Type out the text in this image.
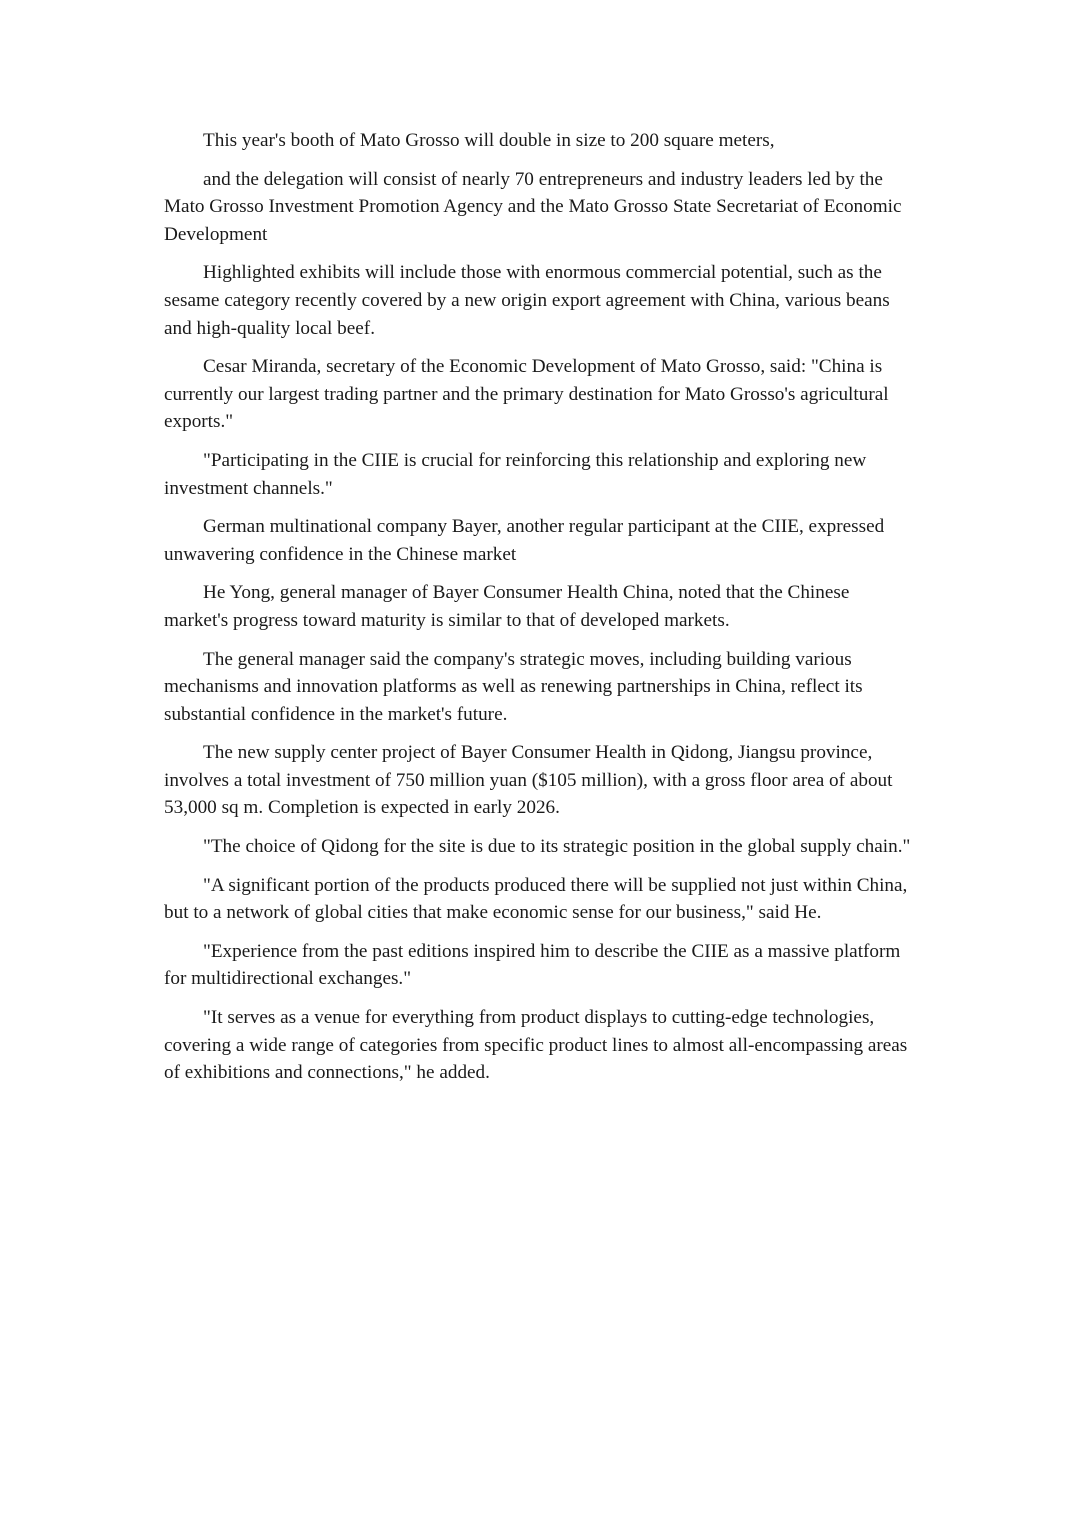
This year's booth of Mato Grosso will double in size to 200 square meters,

and the delegation will consist of nearly 70 entrepreneurs and industry leaders led by the Mato Grosso Investment Promotion Agency and the Mato Grosso State Secretariat of Economic Development

Highlighted exhibits will include those with enormous commercial potential, such as the sesame category recently covered by a new origin export agreement with China, various beans and high-quality local beef.

Cesar Miranda, secretary of the Economic Development of Mato Grosso, said: "China is currently our largest trading partner and the primary destination for Mato Grosso's agricultural exports."

"Participating in the CIIE is crucial for reinforcing this relationship and exploring new investment channels."

German multinational company Bayer, another regular participant at the CIIE, expressed unwavering confidence in the Chinese market

He Yong, general manager of Bayer Consumer Health China, noted that the Chinese market's progress toward maturity is similar to that of developed markets.

The general manager said the company's strategic moves, including building various mechanisms and innovation platforms as well as renewing partnerships in China, reflect its substantial confidence in the market's future.

The new supply center project of Bayer Consumer Health in Qidong, Jiangsu province, involves a total investment of 750 million yuan ($105 million), with a gross floor area of about 53,000 sq m. Completion is expected in early 2026.

"The choice of Qidong for the site is due to its strategic position in the global supply chain."

"A significant portion of the products produced there will be supplied not just within China, but to a network of global cities that make economic sense for our business," said He.

"Experience from the past editions inspired him to describe the CIIE as a massive platform for multidirectional exchanges."

"It serves as a venue for everything from product displays to cutting-edge technologies, covering a wide range of categories from specific product lines to almost all-encompassing areas of exhibitions and connections," he added.
